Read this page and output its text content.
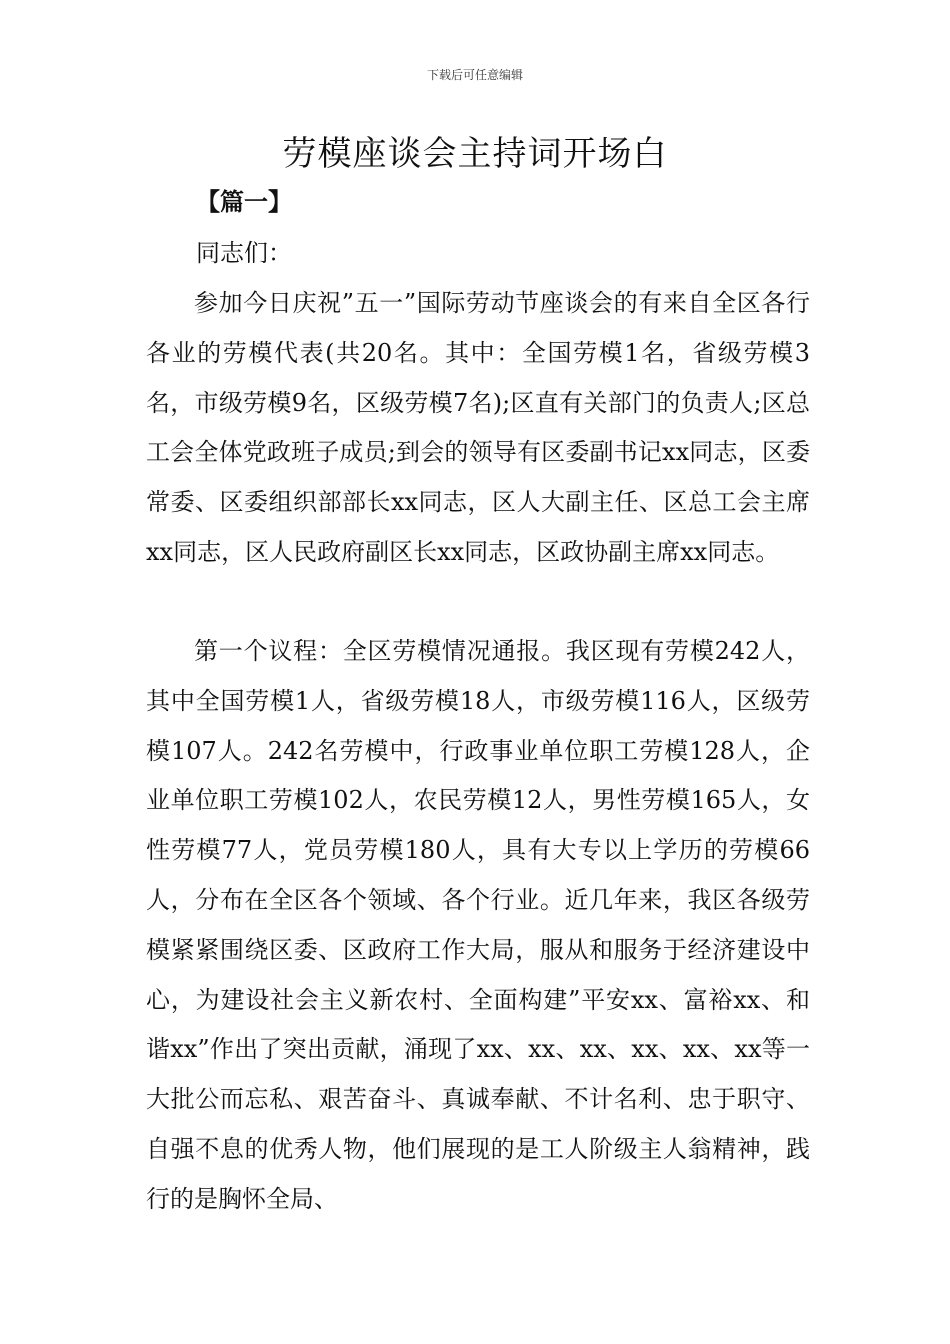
下载后可任意编辑
劳模座谈会主持词开场白
【篇一】
同志们：

参加今日庆祝”五一”国际劳动节座谈会的有来自全区各行各业的劳模代表(共20名。其中：全国劳模1名，省级劳模3名，市级劳模9名，区级劳模7名);区直有关部门的负责人;区总工会全体党政班子成员;到会的领导有区委副书记xx同志，区委常委、区委组织部部长xx同志，区人大副主任、区总工会主席xx同志，区人民政府副区长xx同志，区政协副主席xx同志。

第一个议程：全区劳模情况通报。我区现有劳模242人，其中全国劳模1人，省级劳模18人，市级劳模116人，区级劳模107人。242名劳模中，行政事业单位职工劳模128人，企业单位职工劳模102人，农民劳模12人，男性劳模165人，女性劳模77人，党员劳模180人，具有大专以上学历的劳模66人，分布在全区各个领域、各个行业。近几年来，我区各级劳模紧紧围绕区委、区政府工作大局，服从和服务于经济建设中心，为建设社会主义新农村、全面构建”平安xx、富裕xx、和谐xx”作出了突出贡献，涌现了xx、xx、xx、xx、xx、xx等一大批公而忘私、艰苦奋斗、真诚奉献、不计名利、忠于职守、自强不息的优秀人物，他们展现的是工人阶级主人翁精神，践行的是胸怀全局、
